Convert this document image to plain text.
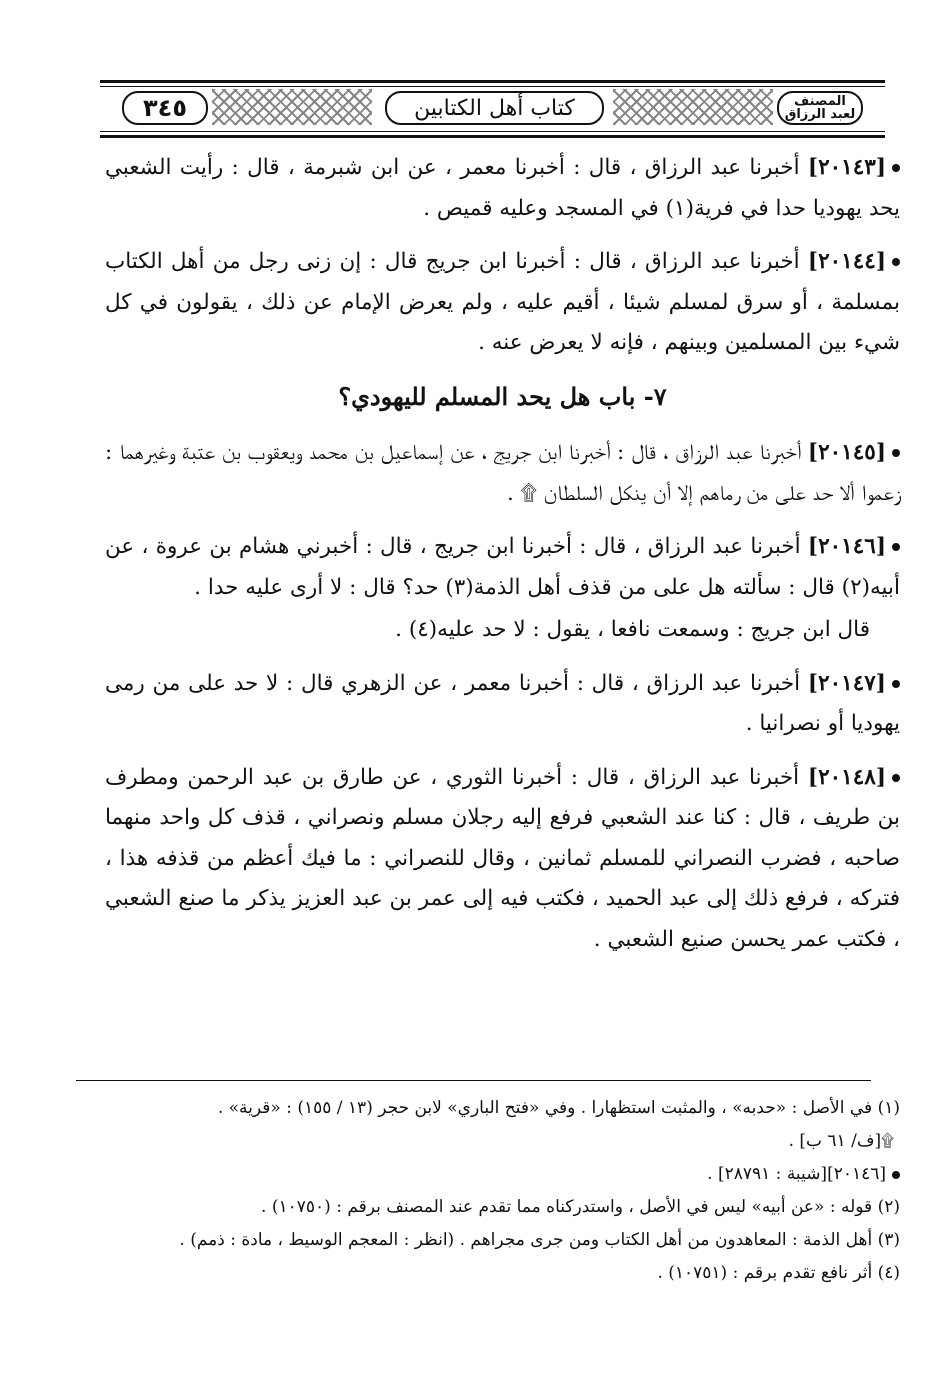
٣٤٥	كتاب أهل الكتابين	المصنف
لعبد الرزاق

[٢٠١٤٣] أخبرنا عبد الرزاق ، قال : أخبرنا معمر ، عن ابن شبرمة ، قال : رأيت الشعبي يحد يهوديا حدا في فرية(١) في المسجد وعليه قميص .

[٢٠١٤٤] أخبرنا عبد الرزاق ، قال : أخبرنا ابن جريج قال : إن زنى رجل من أهل الكتاب بمسلمة ، أو سرق لمسلم شيئا ، أقيم عليه ، ولم يعرض الإمام عن ذلك ، يقولون في كل شيء بين المسلمين وبينهم ، فإنه لا يعرض عنه .

٧- باب هل يحد المسلم لليهودي؟

[٢٠١٤٥] أخبرنا عبد الرزاق ، قال : أخبرنا ابن جريج ، عن إسماعيل بن محمد ويعقوب بن عتبة وغيرهما : زعموا ألا حد على من رماهم إلا أن ينكل السلطان ۩ .

[٢٠١٤٦] أخبرنا عبد الرزاق ، قال : أخبرنا ابن جريج ، قال : أخبرني هشام بن عروة ، عن أبيه(٢) قال : سألته هل على من قذف أهل الذمة(٣) حد؟ قال : لا أرى عليه حدا .

قال ابن جريج : وسمعت نافعا ، يقول : لا حد عليه(٤) .

[٢٠١٤٧] أخبرنا عبد الرزاق ، قال : أخبرنا معمر ، عن الزهري قال : لا حد على من رمى يهوديا أو نصرانيا .

[٢٠١٤٨] أخبرنا عبد الرزاق ، قال : أخبرنا الثوري ، عن طارق بن عبد الرحمن ومطرف بن طريف ، قال : كنا عند الشعبي فرفع إليه رجلان مسلم ونصراني ، قذف كل واحد منهما صاحبه ، فضرب النصراني للمسلم ثمانين ، وقال للنصراني : ما فيك أعظم من قذفه هذا ، فتركه ، فرفع ذلك إلى عبد الحميد ، فكتب فيه إلى عمر بن عبد العزيز يذكر ما صنع الشعبي ، فكتب عمر يحسن صنيع الشعبي .

(١) في الأصل : «حدبه» ، والمثبت استظهارا . وفي «فتح الباري» لابن حجر (١٣ / ١٥٥) : «قرية» .

۩[ف/ ٦١ ب] .

[٢٠١٤٦][شيبة : ٢٨٧٩١] .

(٢) قوله : «عن أبيه» ليس في الأصل ، واستدركناه مما تقدم عند المصنف برقم : (١٠٧٥٠) .

(٣) أهل الذمة : المعاهدون من أهل الكتاب ومن جرى مجراهم . (انظر : المعجم الوسيط ، مادة : ذمم) .

(٤) أثر نافع تقدم برقم : (١٠٧٥١) .
